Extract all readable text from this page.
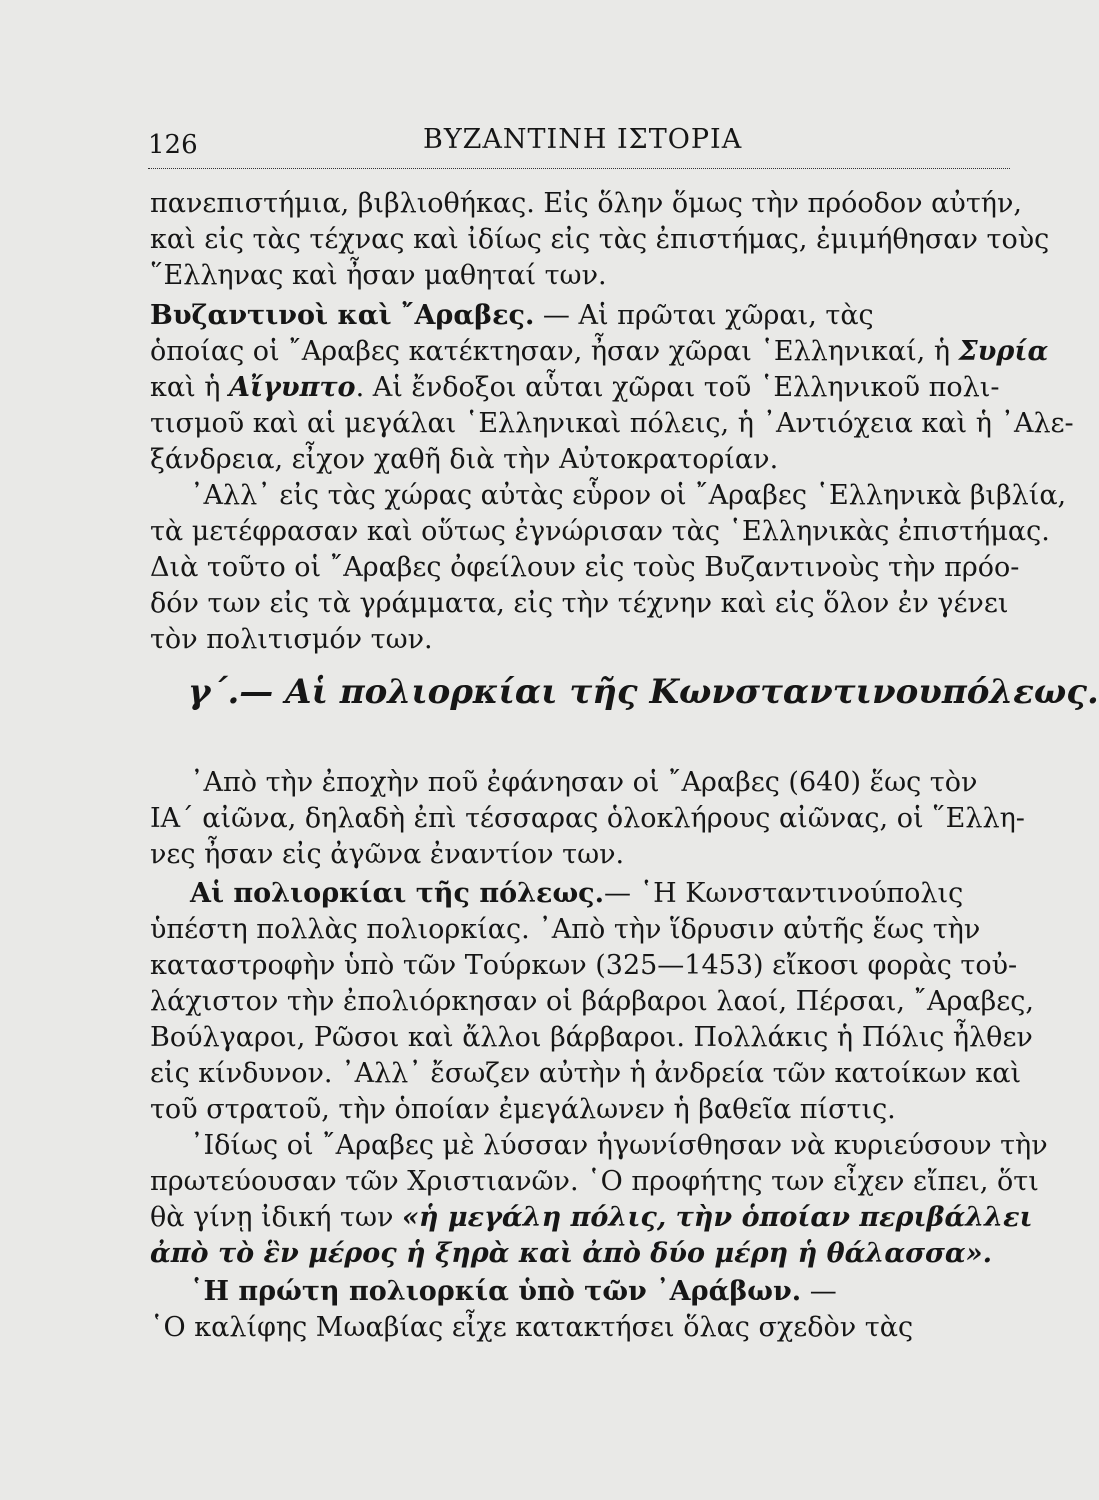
126	ΒΥΖΑΝΤΙΝΗ ΙΣΤΟΡΙΑ
πανεπιστήμια, βιβλιοθήκας. Εἰς ὅλην ὅμως τὴν πρόοδον αὐτήν,
καὶ εἰς τὰς τέχνας καὶ ἰδίως εἰς τὰς ἐπιστήμας, ἐμιμήθησαν τοὺς
῞Ελληνας καὶ ἦσαν μαθηταί των.
Βυζαντινοὶ καὶ ῎Αραβες. — Αἱ πρῶται χῶραι, τὰς
ὁποίας οἱ ῎Αραβες κατέκτησαν, ἦσαν χῶραι ῾Ελληνικαί, ἡ Συρία
καὶ ἡ Αἴγυπτο. Αἱ ἔνδοξοι αὗται χῶραι τοῦ ῾Ελληνικοῦ πολι-
τισμοῦ καὶ αἱ μεγάλαι ῾Ελληνικαὶ πόλεις, ἡ ᾽Αντιόχεια καὶ ἡ ᾽Αλε-
ξάνδρεια, εἶχον χαθῆ διὰ τὴν Αὐτοκρατορίαν.
᾽Αλλ᾽ εἰς τὰς χώρας αὐτὰς εὗρον οἱ ῎Αραβες ῾Ελληνικὰ βιβλία,
τὰ μετέφρασαν καὶ οὕτως ἐγνώρισαν τὰς ῾Ελληνικὰς ἐπιστήμας.
Διὰ τοῦτο οἱ ῎Αραβες ὀφείλουν εἰς τοὺς Βυζαντινοὺς τὴν πρόο-
δόν των εἰς τὰ γράμματα, εἰς τὴν τέχνην καὶ εἰς ὅλον ἐν γένει
τὸν πολιτισμόν των.
γ΄.— Αἱ πολιορκίαι τῆς Κωνσταντινουπόλεως.
᾽Απὸ τὴν ἐποχὴν ποῦ ἐφάνησαν οἱ ῎Αραβες (640) ἕως τὸν
ΙΑ΄ αἰῶνα, δηλαδὴ ἐπὶ τέσσαρας ὁλοκλήρους αἰῶνας, οἱ ῞Ελλη-
νες ἦσαν εἰς ἀγῶνα ἐναντίον των.
Αἱ πολιορκίαι τῆς πόλεως.— ῾Η Κωνσταντινούπολις
ὑπέστη πολλὰς πολιορκίας. ᾽Απὸ τὴν ἵδρυσιν αὐτῆς ἕως τὴν
καταστροφὴν ὑπὸ τῶν Τούρκων (325—1453) εἴκοσι φορὰς τοὐ-
λάχιστον τὴν ἐπολιόρκησαν οἱ βάρβαροι λαοί, Πέρσαι, ῎Αραβες,
Βούλγαροι, Ρῶσοι καὶ ἄλλοι βάρβαροι. Πολλάκις ἡ Πόλις ἦλθεν
εἰς κίνδυνον. ᾽Αλλ᾽ ἔσωζεν αὐτὴν ἡ ἀνδρεία τῶν κατοίκων καὶ
τοῦ στρατοῦ, τὴν ὁποίαν ἐμεγάλωνεν ἡ βαθεῖα πίστις.
᾽Ιδίως οἱ ῎Αραβες μὲ λύσσαν ἠγωνίσθησαν νὰ κυριεύσουν τὴν
πρωτεύουσαν τῶν Χριστιανῶν. ῾Ο προφήτης των εἶχεν εἴπει, ὅτι
θὰ γίνῃ ἰδική των «ἡ μεγάλη πόλις, τὴν ὁποίαν περιβάλλει
ἀπὸ τὸ ἓν μέρος ἡ ξηρὰ καὶ ἀπὸ δύο μέρη ἡ θάλασσα».
῾Η πρώτη πολιορκία ὑπὸ τῶν ᾽Αράβων. —
῾Ο καλίφης Μωαβίας εἶχε κατακτήσει ὅλας σχεδὸν τὰς
